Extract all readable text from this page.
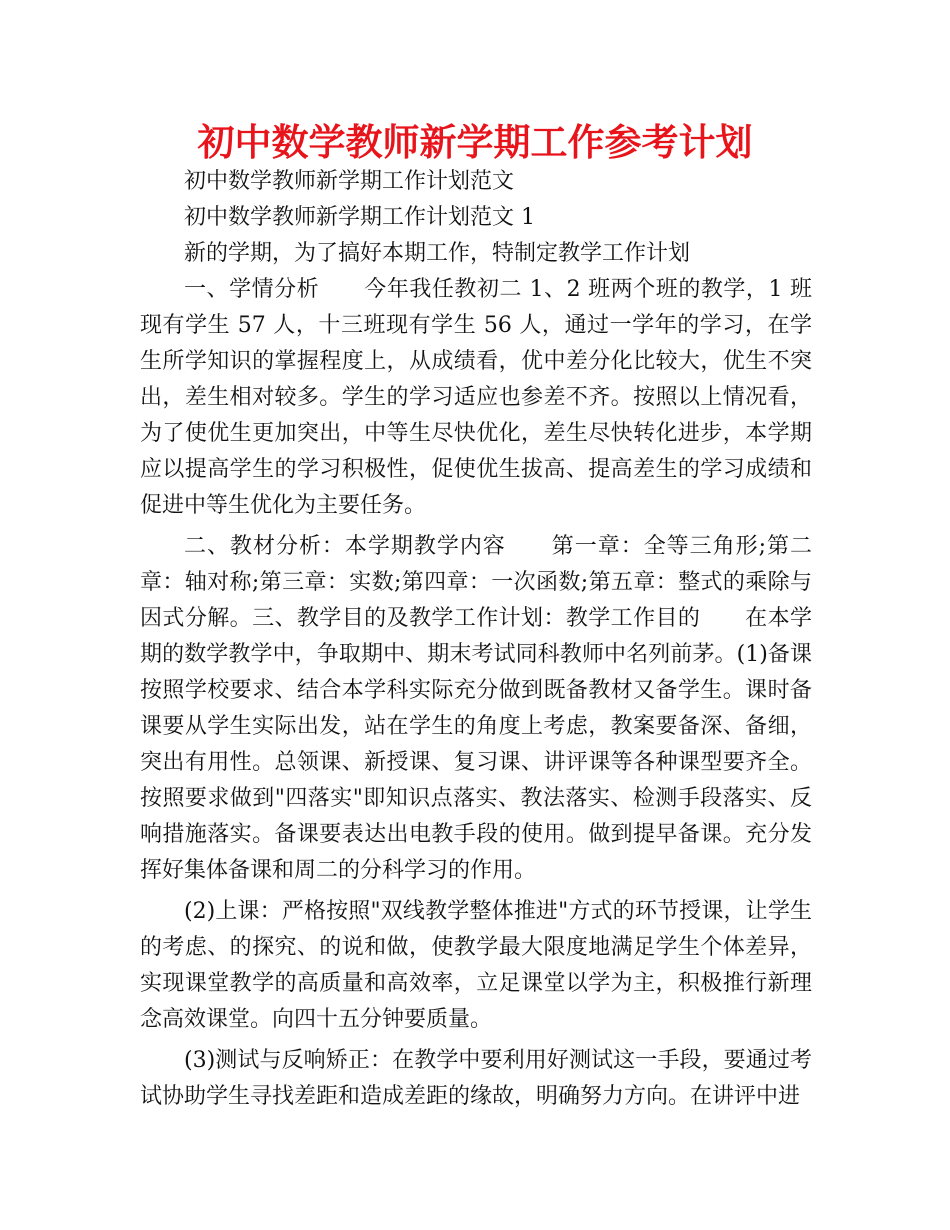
初中数学教师新学期工作参考计划

初中数学教师新学期工作计划范文

初中数学教师新学期工作计划范文 1

新的学期，为了搞好本期工作，特制定教学工作计划

一、学情分析　　今年我任教初二 1、2 班两个班的教学，1 班现有学生 57 人，十三班现有学生 56 人，通过一学年的学习，在学生所学知识的掌握程度上，从成绩看，优中差分化比较大，优生不突出，差生相对较多。学生的学习适应也参差不齐。按照以上情况看，为了使优生更加突出，中等生尽快优化，差生尽快转化进步，本学期应以提高学生的学习积极性，促使优生拔高、提高差生的学习成绩和促进中等生优化为主要任务。

二、教材分析：本学期教学内容　　第一章：全等三角形;第二章：轴对称;第三章：实数;第四章：一次函数;第五章：整式的乘除与因式分解。三、教学目的及教学工作计划：教学工作目的　　在本学期的数学教学中，争取期中、期末考试同科教师中名列前茅。(1)备课　按照学校要求、结合本学科实际充分做到既备教材又备学生。课时备课要从学生实际出发，站在学生的角度上考虑，教案要备深、备细，突出有用性。总领课、新授课、复习课、讲评课等各种课型要齐全。按照要求做到"四落实"即知识点落实、教法落实、检测手段落实、反响措施落实。备课要表达出电教手段的使用。做到提早备课。充分发挥好集体备课和周二的分科学习的作用。

(2)上课：严格按照"双线教学整体推进"方式的环节授课，让学生的考虑、的探究、的说和做，使教学最大限度地满足学生个体差异，实现课堂教学的高质量和高效率，立足课堂以学为主，积极推行新理念高效课堂。向四十五分钟要质量。

(3)测试与反响矫正：在教学中要利用好测试这一手段，要通过考试协助学生寻找差距和造成差距的缘故，明确努力方向。在讲评中进
